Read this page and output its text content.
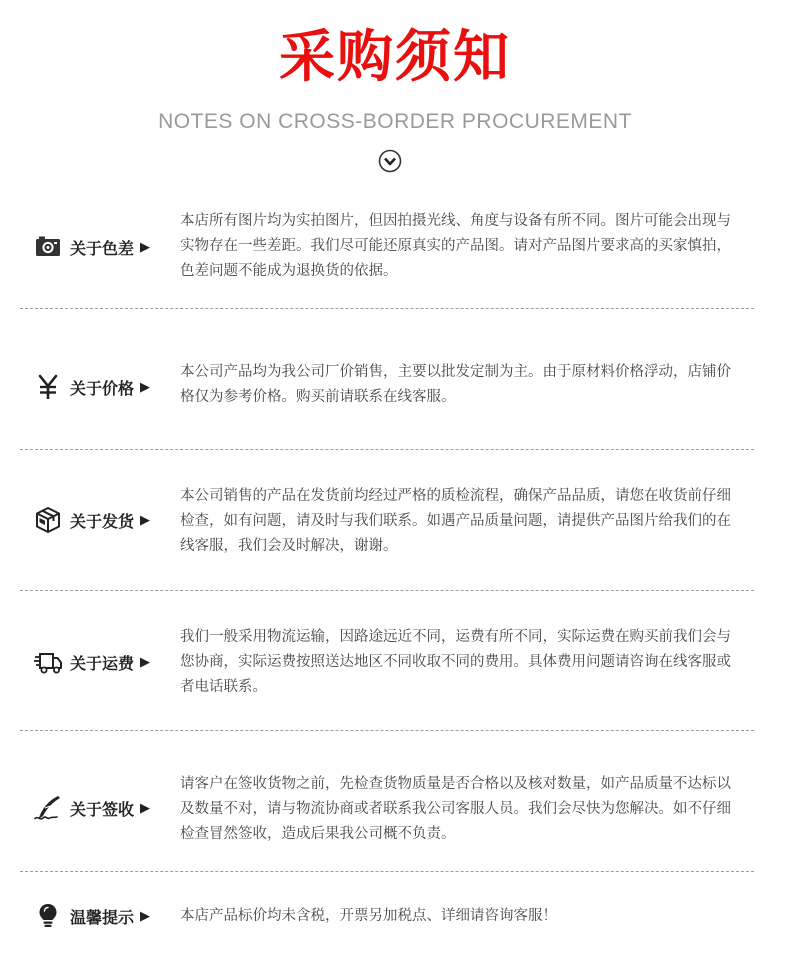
采购须知
NOTES ON CROSS-BORDER PROCUREMENT
关于色差 ▶
本店所有图片均为实拍图片，但因拍摄光线、角度与设备有所不同。图片可能会出现与实物存在一些差距。我们尽可能还原真实的产品图。请对产品图片要求高的买家慎拍，色差问题不能成为退换货的依据。
关于价格 ▶
本公司产品均为我公司厂价销售，主要以批发定制为主。由于原材料价格浮动，店铺价格仅为参考价格。购买前请联系在线客服。
关于发货 ▶
本公司销售的产品在发货前均经过严格的质检流程，确保产品品质，请您在收货前仔细检查，如有问题，请及时与我们联系。如遇产品质量问题，请提供产品图片给我们的在线客服，我们会及时解决，谢谢。
关于运费 ▶
我们一般采用物流运输，因路途远近不同，运费有所不同，实际运费在购买前我们会与您协商，实际运费按照送达地区不同收取不同的费用。具体费用问题请咨询在线客服或者电话联系。
关于签收 ▶
请客户在签收货物之前，先检查货物质量是否合格以及核对数量，如产品质量不达标以及数量不对，请与物流协商或者联系我公司客服人员。我们会尽快为您解决。如不仔细检查冒然签收，造成后果我公司概不负责。
温馨提示 ▶ 本店产品标价均未含税，开票另加税点、详细请咨询客服！
